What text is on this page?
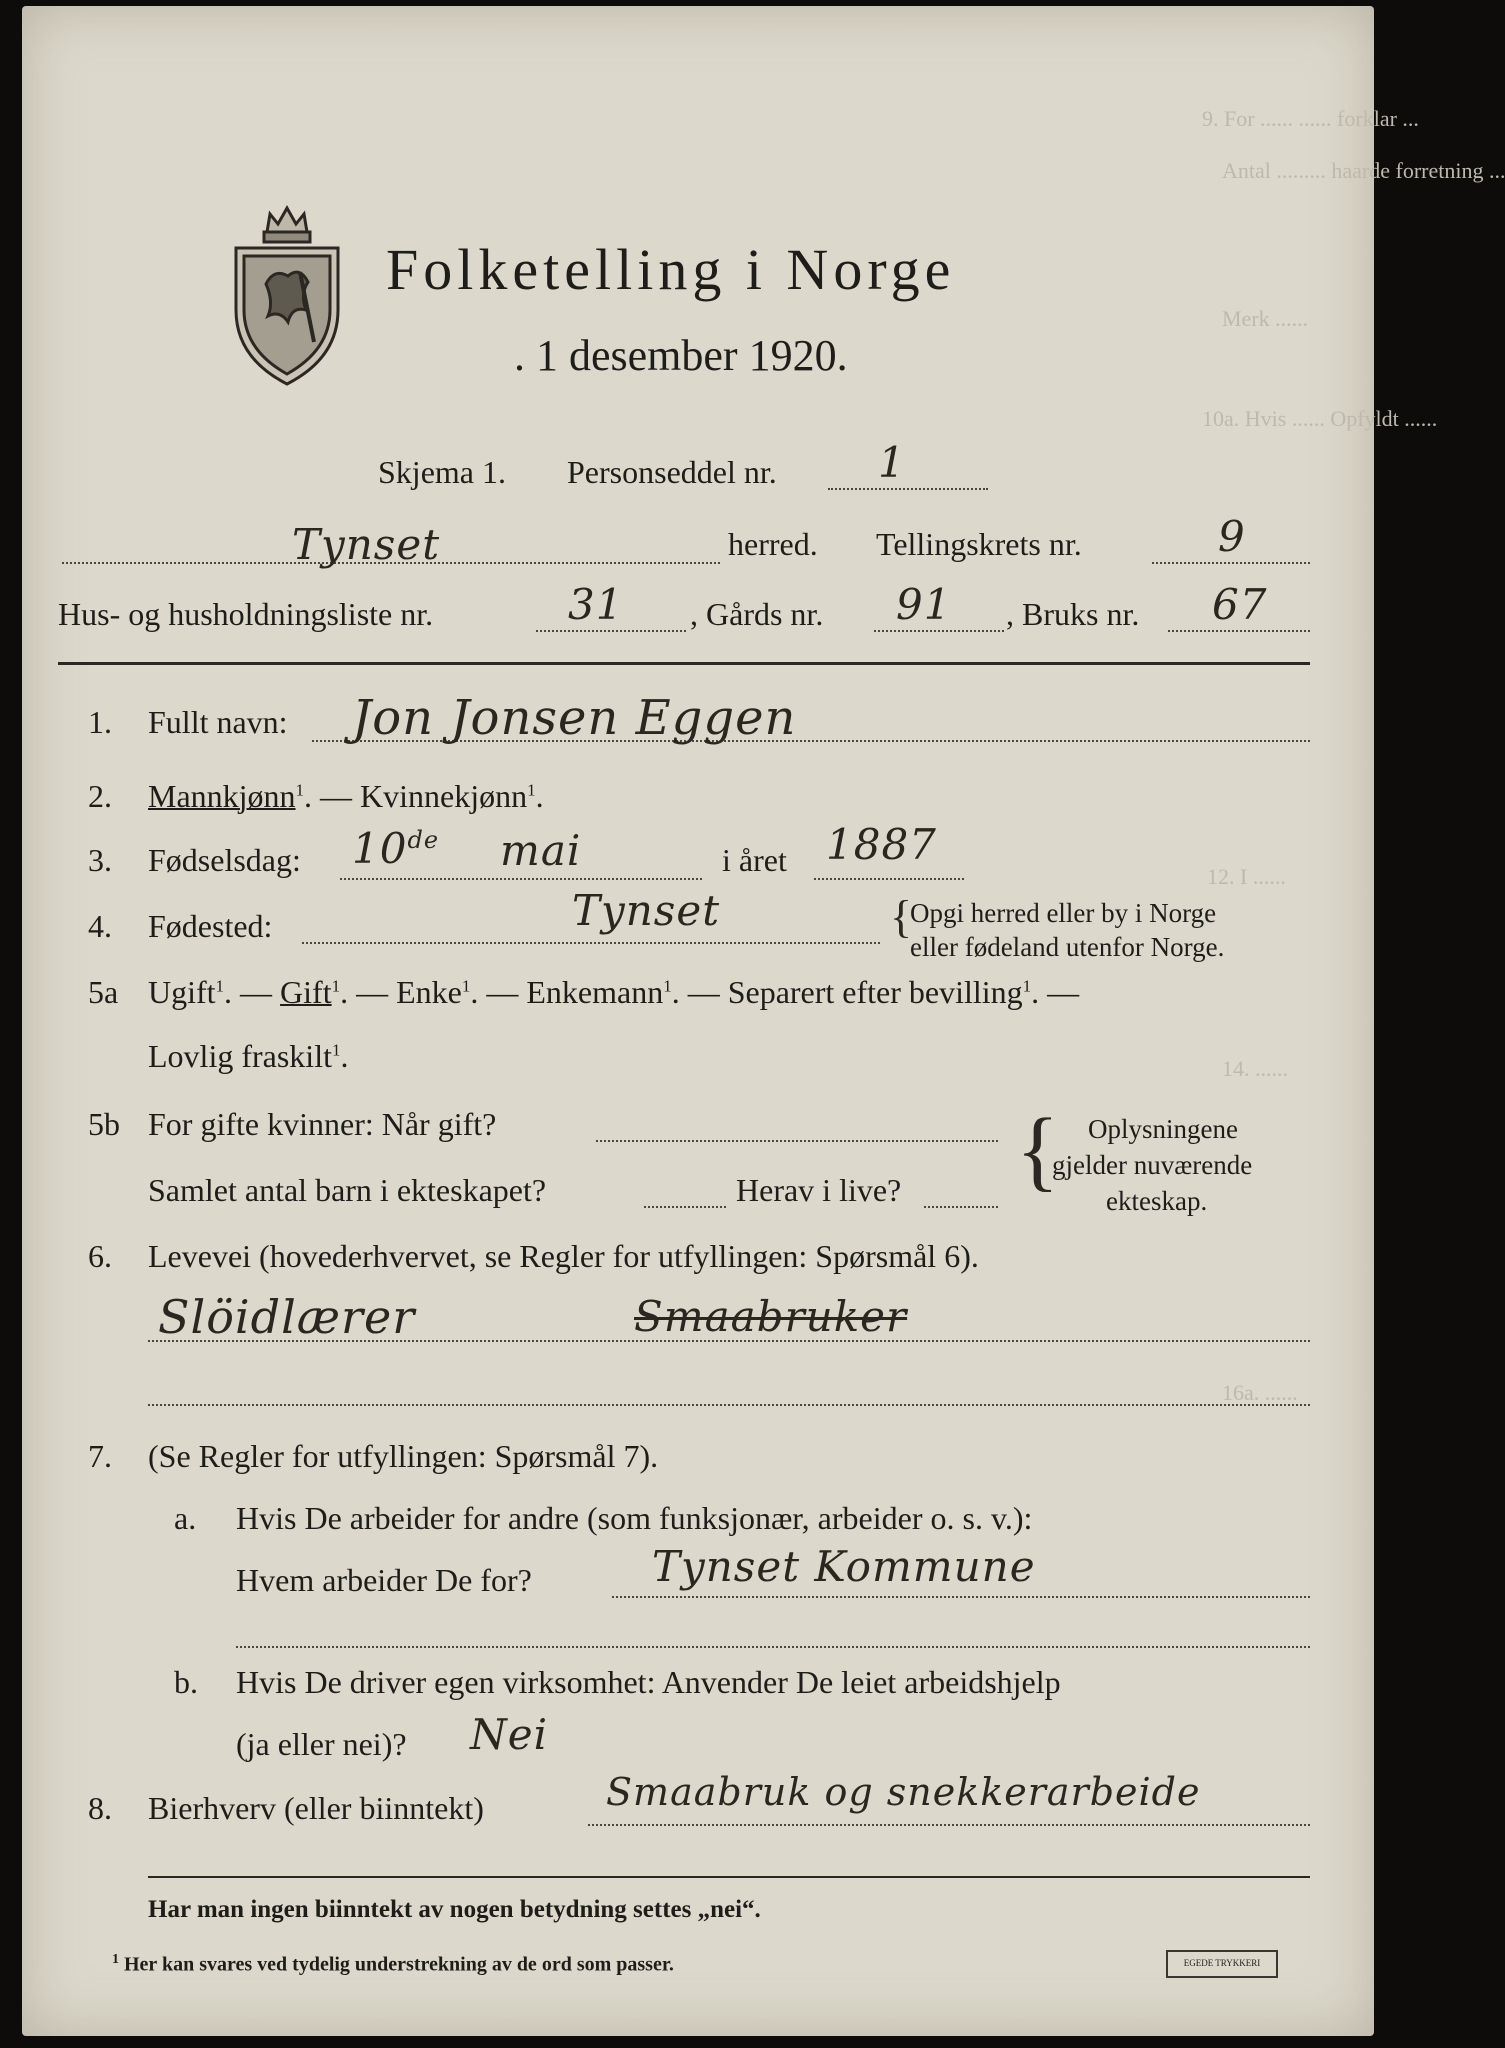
9. For ...... ...... forklar ...
Antal ......... haarde forretning ...
Merk ......
10a. Hvis ...... Opfyldt ......
12. I ......
14. ......
16a. ......
Folketelling i Norge
. 1 desember 1920.
Skjema 1. Personseddel nr. 1
Tynset	herred. Tellingskrets nr.	9
Hus- og husholdningsliste nr.	31 , Gårds nr. 91 , Bruks nr. 67
1. Fullt navn: Jon Jonsen Eggen
2. Mannkjønn$^1$. — Kvinnekjønn$^1$.
3. Fødselsdag: 10de mai	i året 1887
4. Fødested:	Tynset	{
Opgi herred eller by i Norge
eller fødeland utenfor Norge.
5a Ugift$^1$. — Gift$^1$. — Enke$^1$. — Enkemann$^1$. — Separert efter bevilling$^1$. —
Lovlig fraskilt$^1$.
5b For gifte kvinner: Når gift?
Samlet antal barn i ekteskapet?	Herav i live? { Oplysningene
gjelder nuværende
ekteskap.
6. Levevei (hovederhvervet, se Regler for utfyllingen: Spørsmål 6).
Slöidlærer	Smaabruker
7. (Se Regler for utfyllingen: Spørsmål 7).
a. Hvis De arbeider for andre (som funksjonær, arbeider o. s. v.):
Hvem arbeider De for?	Tynset Kommune
b. Hvis De driver egen virksomhet: Anvender De leiet arbeidshjelp
(ja eller nei)? Nei
8. Bierhverv (eller biinntekt)	Smaabruk og snekkerarbeide
Har man ingen biinntekt av nogen betydning settes „nei“.
$^1$ Her kan svares ved tydelig understrekning av de ord som passer.	EGEDE TRYKKERI
